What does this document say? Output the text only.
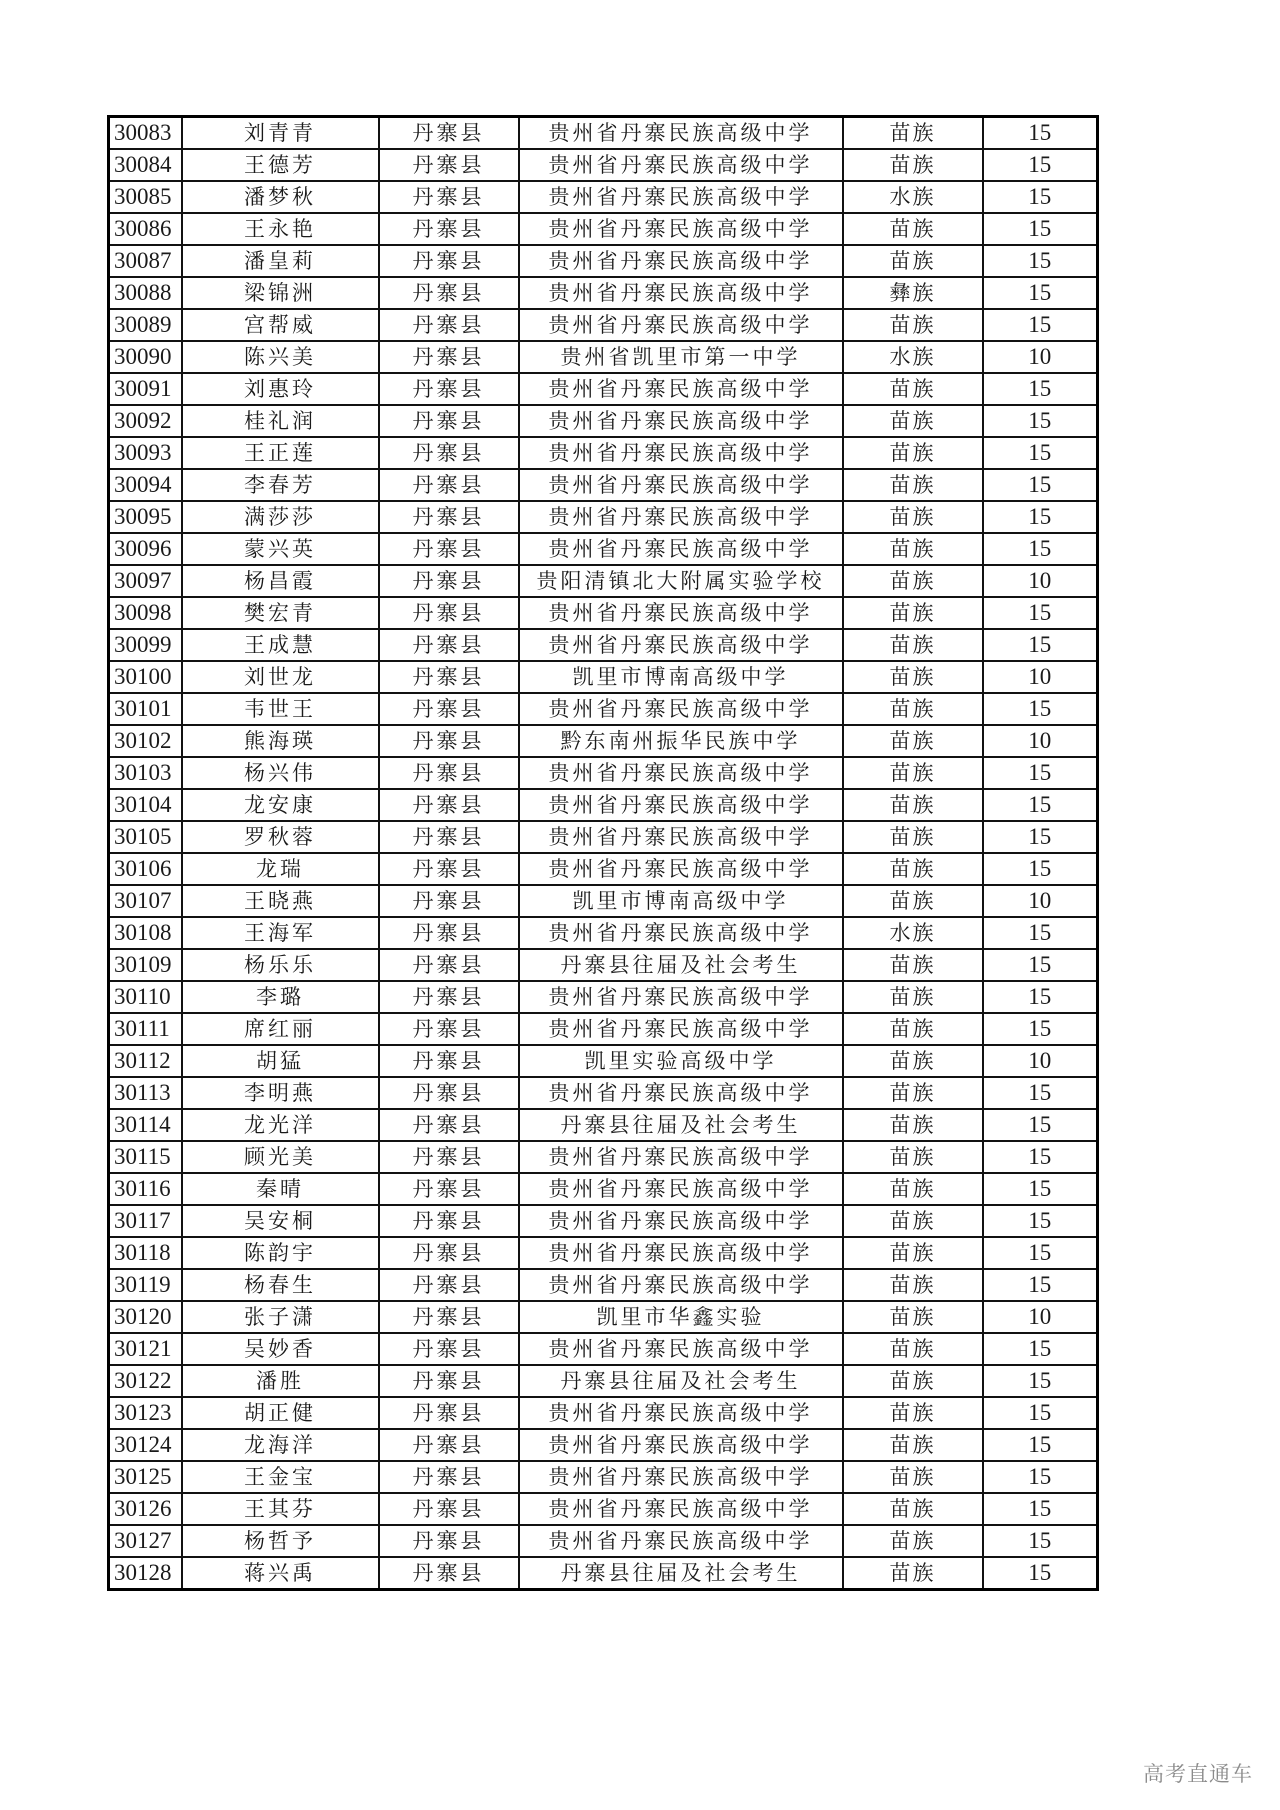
30083	刘青青	丹寨县	贵州省丹寨民族高级中学	苗族	15
30084	王德芳	丹寨县	贵州省丹寨民族高级中学	苗族	15
30085	潘梦秋	丹寨县	贵州省丹寨民族高级中学	水族	15
30086	王永艳	丹寨县	贵州省丹寨民族高级中学	苗族	15
30087	潘皇莉	丹寨县	贵州省丹寨民族高级中学	苗族	15
30088	梁锦洲	丹寨县	贵州省丹寨民族高级中学	彝族	15
30089	宫帮威	丹寨县	贵州省丹寨民族高级中学	苗族	15
30090	陈兴美	丹寨县	贵州省凯里市第一中学	水族	10
30091	刘惠玲	丹寨县	贵州省丹寨民族高级中学	苗族	15
30092	桂礼润	丹寨县	贵州省丹寨民族高级中学	苗族	15
30093	王正莲	丹寨县	贵州省丹寨民族高级中学	苗族	15
30094	李春芳	丹寨县	贵州省丹寨民族高级中学	苗族	15
30095	满莎莎	丹寨县	贵州省丹寨民族高级中学	苗族	15
30096	蒙兴英	丹寨县	贵州省丹寨民族高级中学	苗族	15
30097	杨昌霞	丹寨县	贵阳清镇北大附属实验学校	苗族	10
30098	樊宏青	丹寨县	贵州省丹寨民族高级中学	苗族	15
30099	王成慧	丹寨县	贵州省丹寨民族高级中学	苗族	15
30100	刘世龙	丹寨县	凯里市博南高级中学	苗族	10
30101	韦世王	丹寨县	贵州省丹寨民族高级中学	苗族	15
30102	熊海瑛	丹寨县	黔东南州振华民族中学	苗族	10
30103	杨兴伟	丹寨县	贵州省丹寨民族高级中学	苗族	15
30104	龙安康	丹寨县	贵州省丹寨民族高级中学	苗族	15
30105	罗秋蓉	丹寨县	贵州省丹寨民族高级中学	苗族	15
30106	龙瑞	丹寨县	贵州省丹寨民族高级中学	苗族	15
30107	王晓燕	丹寨县	凯里市博南高级中学	苗族	10
30108	王海军	丹寨县	贵州省丹寨民族高级中学	水族	15
30109	杨乐乐	丹寨县	丹寨县往届及社会考生	苗族	15
30110	李璐	丹寨县	贵州省丹寨民族高级中学	苗族	15
30111	席红丽	丹寨县	贵州省丹寨民族高级中学	苗族	15
30112	胡猛	丹寨县	凯里实验高级中学	苗族	10
30113	李明燕	丹寨县	贵州省丹寨民族高级中学	苗族	15
30114	龙光洋	丹寨县	丹寨县往届及社会考生	苗族	15
30115	顾光美	丹寨县	贵州省丹寨民族高级中学	苗族	15
30116	秦晴	丹寨县	贵州省丹寨民族高级中学	苗族	15
30117	吴安桐	丹寨县	贵州省丹寨民族高级中学	苗族	15
30118	陈韵宇	丹寨县	贵州省丹寨民族高级中学	苗族	15
30119	杨春生	丹寨县	贵州省丹寨民族高级中学	苗族	15
30120	张子潇	丹寨县	凯里市华鑫实验	苗族	10
30121	吴妙香	丹寨县	贵州省丹寨民族高级中学	苗族	15
30122	潘胜	丹寨县	丹寨县往届及社会考生	苗族	15
30123	胡正健	丹寨县	贵州省丹寨民族高级中学	苗族	15
30124	龙海洋	丹寨县	贵州省丹寨民族高级中学	苗族	15
30125	王金宝	丹寨县	贵州省丹寨民族高级中学	苗族	15
30126	王其芬	丹寨县	贵州省丹寨民族高级中学	苗族	15
30127	杨哲予	丹寨县	贵州省丹寨民族高级中学	苗族	15
30128	蒋兴禹	丹寨县	丹寨县往届及社会考生	苗族	15
高考直通车
